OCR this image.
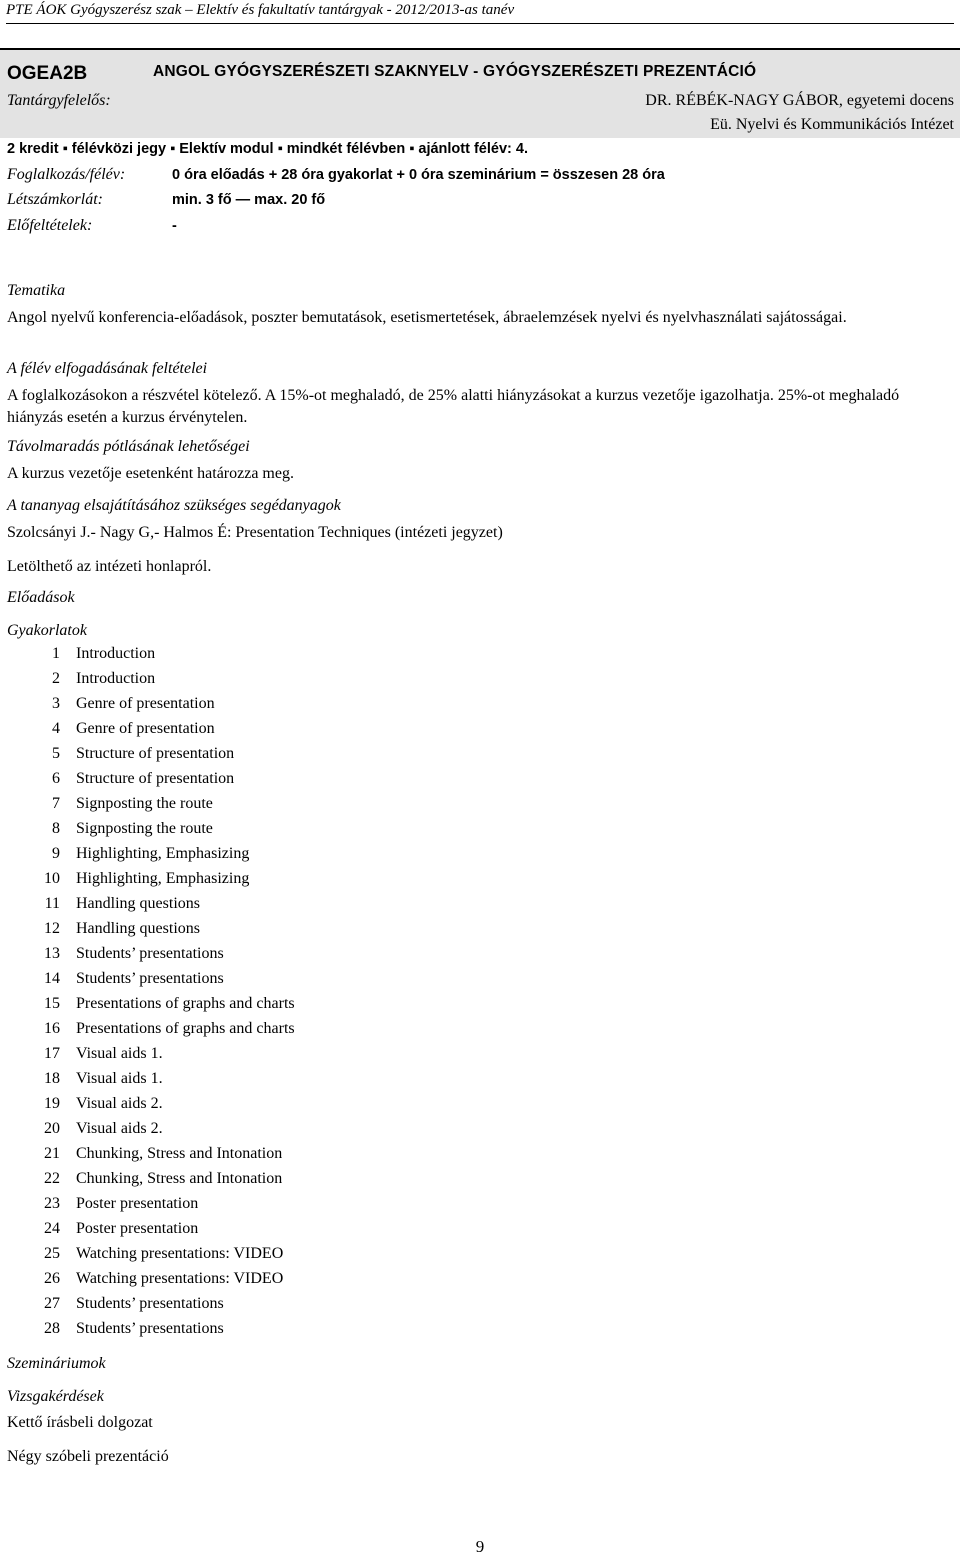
PTE ÁOK Gyógyszerész szak – Elektív és fakultatív tantárgyak - 2012/2013-as tanév
OGEA2B	ANGOL GYÓGYSZERÉSZETI SZAKNYELV - GYÓGYSZERÉSZETI PREZENTÁCIÓ
Tantárgyfelelős:	DR. RÉBÉK-NAGY GÁBOR, egyetemi docens
Eü. Nyelvi és Kommunikációs Intézet
2 kredit ▪ félévközi jegy ▪ Elektív modul ▪ mindkét félévben ▪ ajánlott félév: 4.
Foglalkozás/félév:	0 óra előadás + 28 óra gyakorlat + 0 óra szeminárium = összesen 28 óra
Létszámkorlát:	min. 3 fő — max. 20 fő
Előfeltételek:	-
Tematika
Angol nyelvű konferencia-előadások, poszter bemutatások, esetismertetések, ábraelemzések nyelvi és nyelvhasználati sajátosságai.
A félév elfogadásának feltételei
A foglalkozásokon a részvétel kötelező. A 15%-ot meghaladó, de 25% alatti hiányzásokat a kurzus vezetője igazolhatja. 25%-ot meghaladó hiányzás esetén a kurzus érvénytelen.
Távolmaradás pótlásának lehetőségei
A kurzus vezetője esetenként határozza meg.
A tananyag elsajátításához szükséges segédanyagok
Szolcsányi J.- Nagy G,- Halmos É: Presentation Techniques (intézeti jegyzet)
Letölthető az intézeti honlapról.
Előadások
Gyakorlatok
1 Introduction
2 Introduction
3 Genre of presentation
4 Genre of presentation
5 Structure of presentation
6 Structure of presentation
7 Signposting the route
8 Signposting the route
9 Highlighting, Emphasizing
10 Highlighting, Emphasizing
11 Handling questions
12 Handling questions
13 Students’ presentations
14 Students’ presentations
15 Presentations of graphs and charts
16 Presentations of graphs and charts
17 Visual aids 1.
18 Visual aids 1.
19 Visual aids 2.
20 Visual aids 2.
21 Chunking, Stress and Intonation
22 Chunking, Stress and Intonation
23 Poster presentation
24 Poster presentation
25 Watching presentations: VIDEO
26 Watching presentations: VIDEO
27 Students’ presentations
28 Students’ presentations
Szemináriumok
Vizsgakérdések
Kettő írásbeli dolgozat
Négy szóbeli prezentáció
9
